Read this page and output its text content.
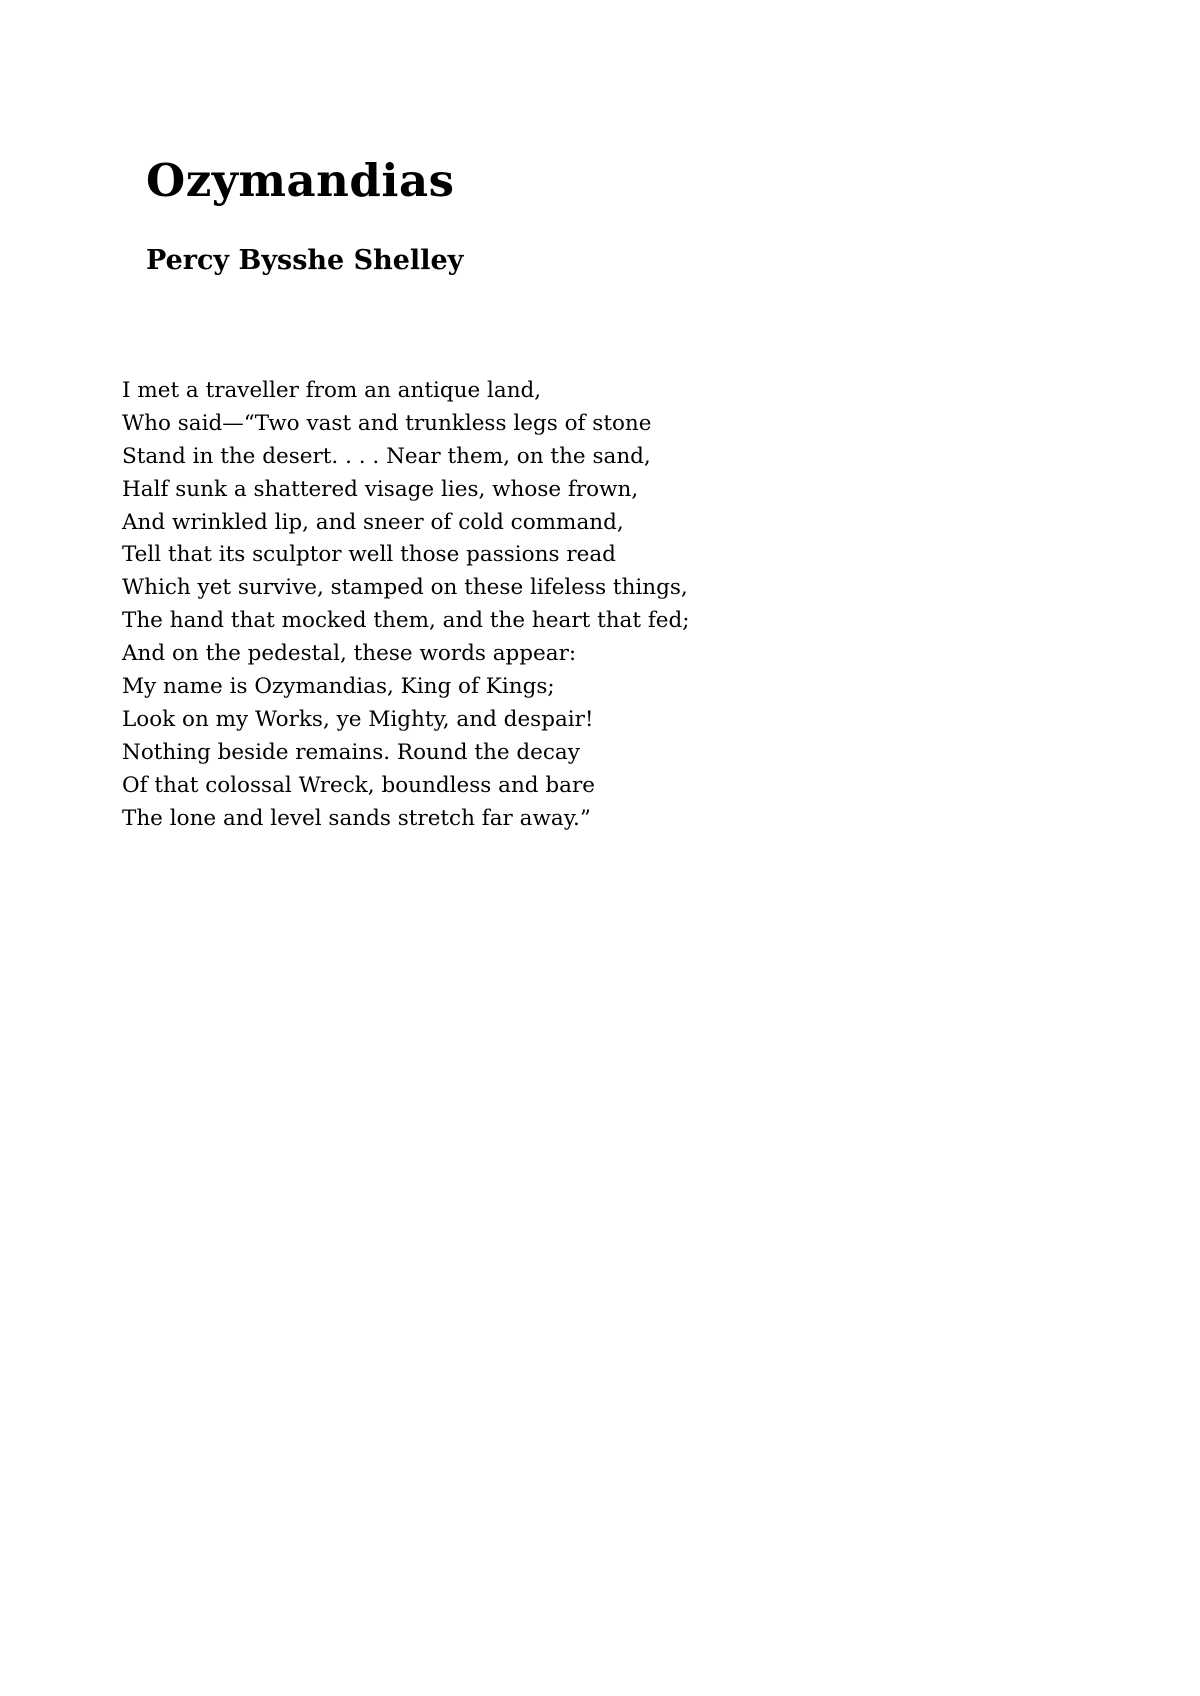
Ozymandias
Percy Bysshe Shelley
I met a traveller from an antique land,
Who said—“Two vast and trunkless legs of stone
Stand in the desert. . . . Near them, on the sand,
Half sunk a shattered visage lies, whose frown,
And wrinkled lip, and sneer of cold command,
Tell that its sculptor well those passions read
Which yet survive, stamped on these lifeless things,
The hand that mocked them, and the heart that fed;
And on the pedestal, these words appear:
My name is Ozymandias, King of Kings;
Look on my Works, ye Mighty, and despair!
Nothing beside remains. Round the decay
Of that colossal Wreck, boundless and bare
The lone and level sands stretch far away.”
